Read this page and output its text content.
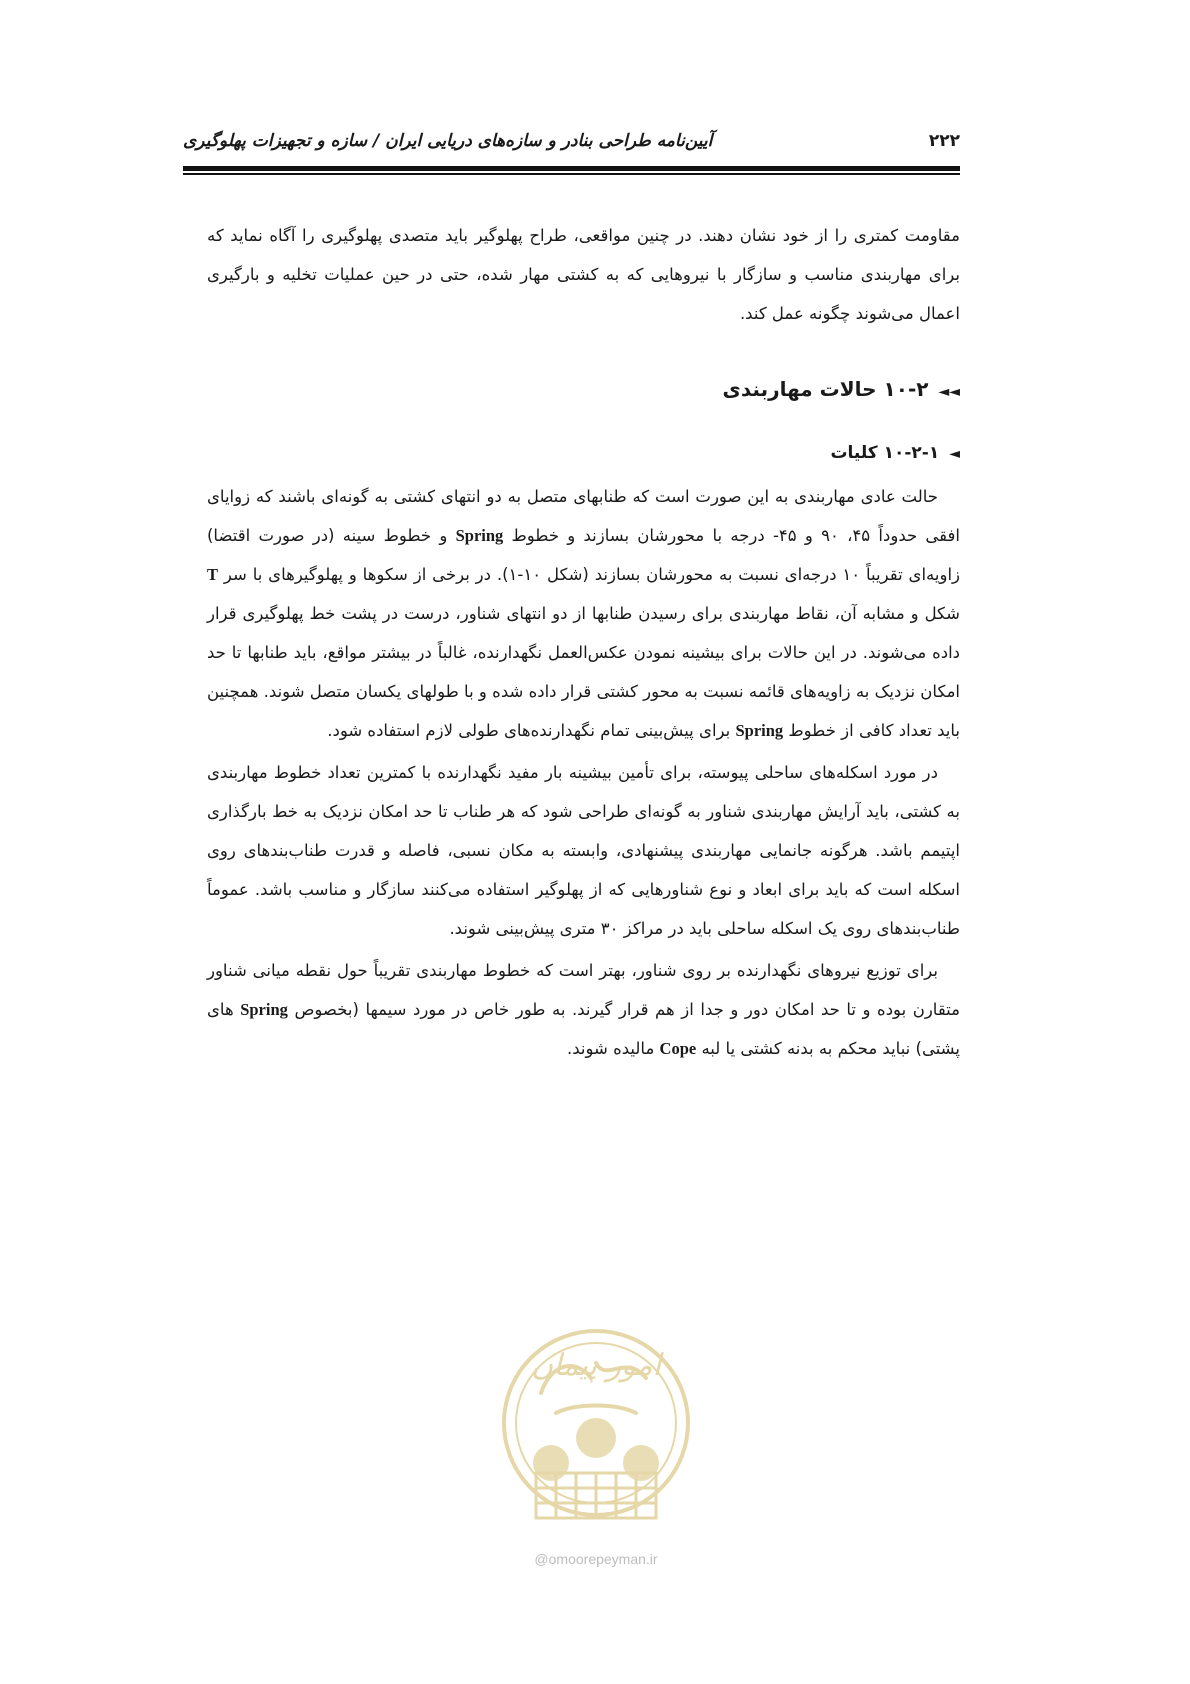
۲۲۲
آیین‌نامه طراحی بنادر و سازه‌های دریایی ایران / سازه و تجهیزات پهلوگیری

مقاومت کمتری را از خود نشان دهند. در چنین مواقعی، طراح پهلوگیر باید متصدی پهلوگیری را آگاه نماید که برای مهاربندی مناسب و سازگار با نیروهایی که به کشتی مهار شده، حتی در حین عملیات تخلیه و بارگیری اعمال می‌شوند چگونه عمل کند.

◄◄۱۰-۲ حالات مهاربندی
◄۱۰-۲-۱ کلیات

حالت عادی مهاربندی به این صورت است که طنابهای متصل به دو انتهای کشتی به گونه‌ای باشند که زوایای افقی حدوداً ۴۵، ۹۰ و ۴۵- درجه با محورشان بسازند و خطوط Spring و خطوط سینه (در صورت اقتضا) زاویه‌ای تقریباً ۱۰ درجه‌ای نسبت به محورشان بسازند (شکل ۱۰-۱). در برخی از سکوها و پهلوگیرهای با سر T شکل و مشابه آن، نقاط مهاربندی برای رسیدن طنابها از دو انتهای شناور، درست در پشت خط پهلوگیری قرار داده می‌شوند. در این حالات برای بیشینه نمودن عکس‌العمل نگهدارنده، غالباً در بیشتر مواقع، باید طنابها تا حد امکان نزدیک به زاویه‌های قائمه نسبت به محور کشتی قرار داده شده و با طولهای یکسان متصل شوند. همچنین باید تعداد کافی از خطوط Spring برای پیش‌بینی تمام نگهدارنده‌های طولی لازم استفاده شود.

در مورد اسکله‌های ساحلی پیوسته، برای تأمین بیشینه بار مفید نگهدارنده با کمترین تعداد خطوط مهاربندی به کشتی، باید آرایش مهاربندی شناور به گونه‌ای طراحی شود که هر طناب تا حد امکان نزدیک به خط بارگذاری اپتیمم باشد. هرگونه جانمایی مهاربندی پیشنهادی، وابسته به مکان نسبی، فاصله و قدرت طناب‌بندهای روی اسکله است که باید برای ابعاد و نوع شناورهایی که از پهلوگیر استفاده می‌کنند سازگار و مناسب باشد. عموماً طناب‌بندهای روی یک اسکله ساحلی باید در مراکز ۳۰ متری پیش‌بینی شوند.

برای توزیع نیروهای نگهدارنده بر روی شناور، بهتر است که خطوط مهاربندی تقریباً حول نقطه میانی شناور متقارن بوده و تا حد امکان دور و جدا از هم قرار گیرند. به طور خاص در مورد سیمها (بخصوص Spring های پشتی) نباید محکم به بدنه کشتی یا لبه Cope مالیده شوند.

امور پیمان
@omoorepeyman.ir
